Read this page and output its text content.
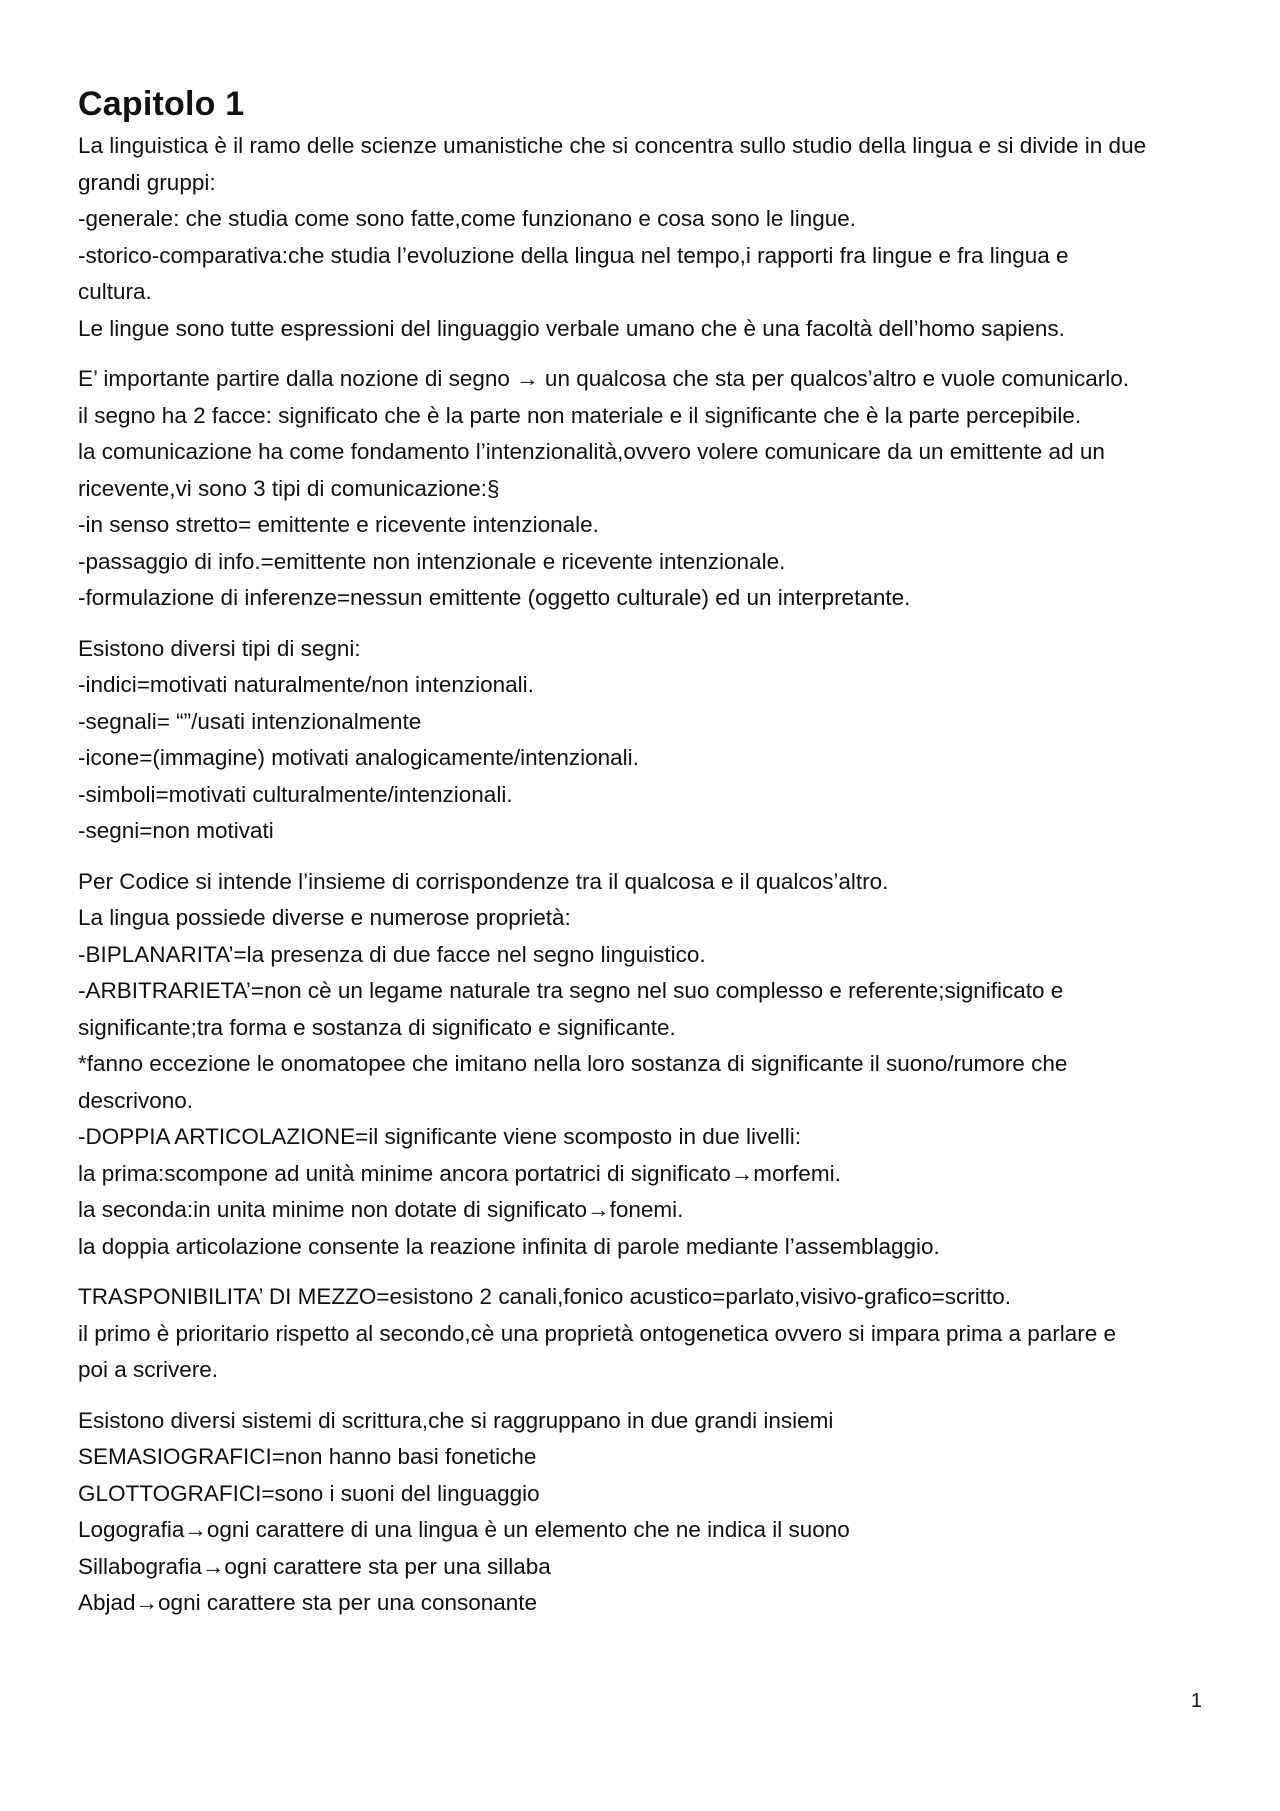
Capitolo 1
La linguistica è il ramo delle scienze umanistiche che si concentra sullo studio della lingua e si divide in due
grandi gruppi:
-generale: che studia come sono fatte,come funzionano e cosa sono le lingue.
-storico-comparativa:che studia l’evoluzione della lingua nel tempo,i rapporti fra lingue e fra lingua e
cultura.
Le lingue sono tutte espressioni del linguaggio verbale umano che è una facoltà dell’homo sapiens.
E’ importante partire dalla nozione di segno → un qualcosa che sta per qualcos’altro e vuole comunicarlo.
il segno ha 2 facce: significato che è la parte non materiale e il significante che è la parte percepibile.
la comunicazione ha come fondamento l’intenzionalità,ovvero volere comunicare da un emittente ad un
ricevente,vi sono 3 tipi di comunicazione:§
-in senso stretto= emittente e ricevente intenzionale.
-passaggio di info.=emittente non intenzionale e ricevente intenzionale.
-formulazione di inferenze=nessun emittente (oggetto culturale) ed un interpretante.
Esistono diversi tipi di segni:
-indici=motivati naturalmente/non intenzionali.
-segnali= “”/usati intenzionalmente
-icone=(immagine) motivati analogicamente/intenzionali.
-simboli=motivati culturalmente/intenzionali.
-segni=non motivati
Per Codice si intende l’insieme di corrispondenze tra il qualcosa e il qualcos’altro.
La lingua possiede diverse e numerose proprietà:
-BIPLANARITA’=la presenza di due facce nel segno linguistico.
-ARBITRARIETA’=non cè un legame naturale tra segno nel suo complesso e referente;significato e
significante;tra forma e sostanza di significato e significante.
*fanno eccezione le onomatopee che imitano nella loro sostanza di significante il suono/rumore che
descrivono.
-DOPPIA ARTICOLAZIONE=il significante viene scomposto in due livelli:
la prima:scompone ad unità minime ancora portatrici di significato→morfemi.
la seconda:in unita minime non dotate di significato→fonemi.
la doppia articolazione consente la reazione infinita di parole mediante l’assemblaggio.
TRASPONIBILITA’ DI MEZZO=esistono 2 canali,fonico acustico=parlato,visivo-grafico=scritto.
il primo è prioritario rispetto al secondo,cè una proprietà ontogenetica ovvero si impara prima a parlare e
poi a scrivere.
Esistono diversi sistemi di scrittura,che si raggruppano in due grandi insiemi
SEMASIOGRAFICI=non hanno basi fonetiche
GLOTTOGRAFICI=sono i suoni del linguaggio
Logografia→ogni carattere di una lingua è un elemento che ne indica il suono
Sillabografia→ogni carattere sta per una sillaba
Abjad→ogni carattere sta per una consonante
1
